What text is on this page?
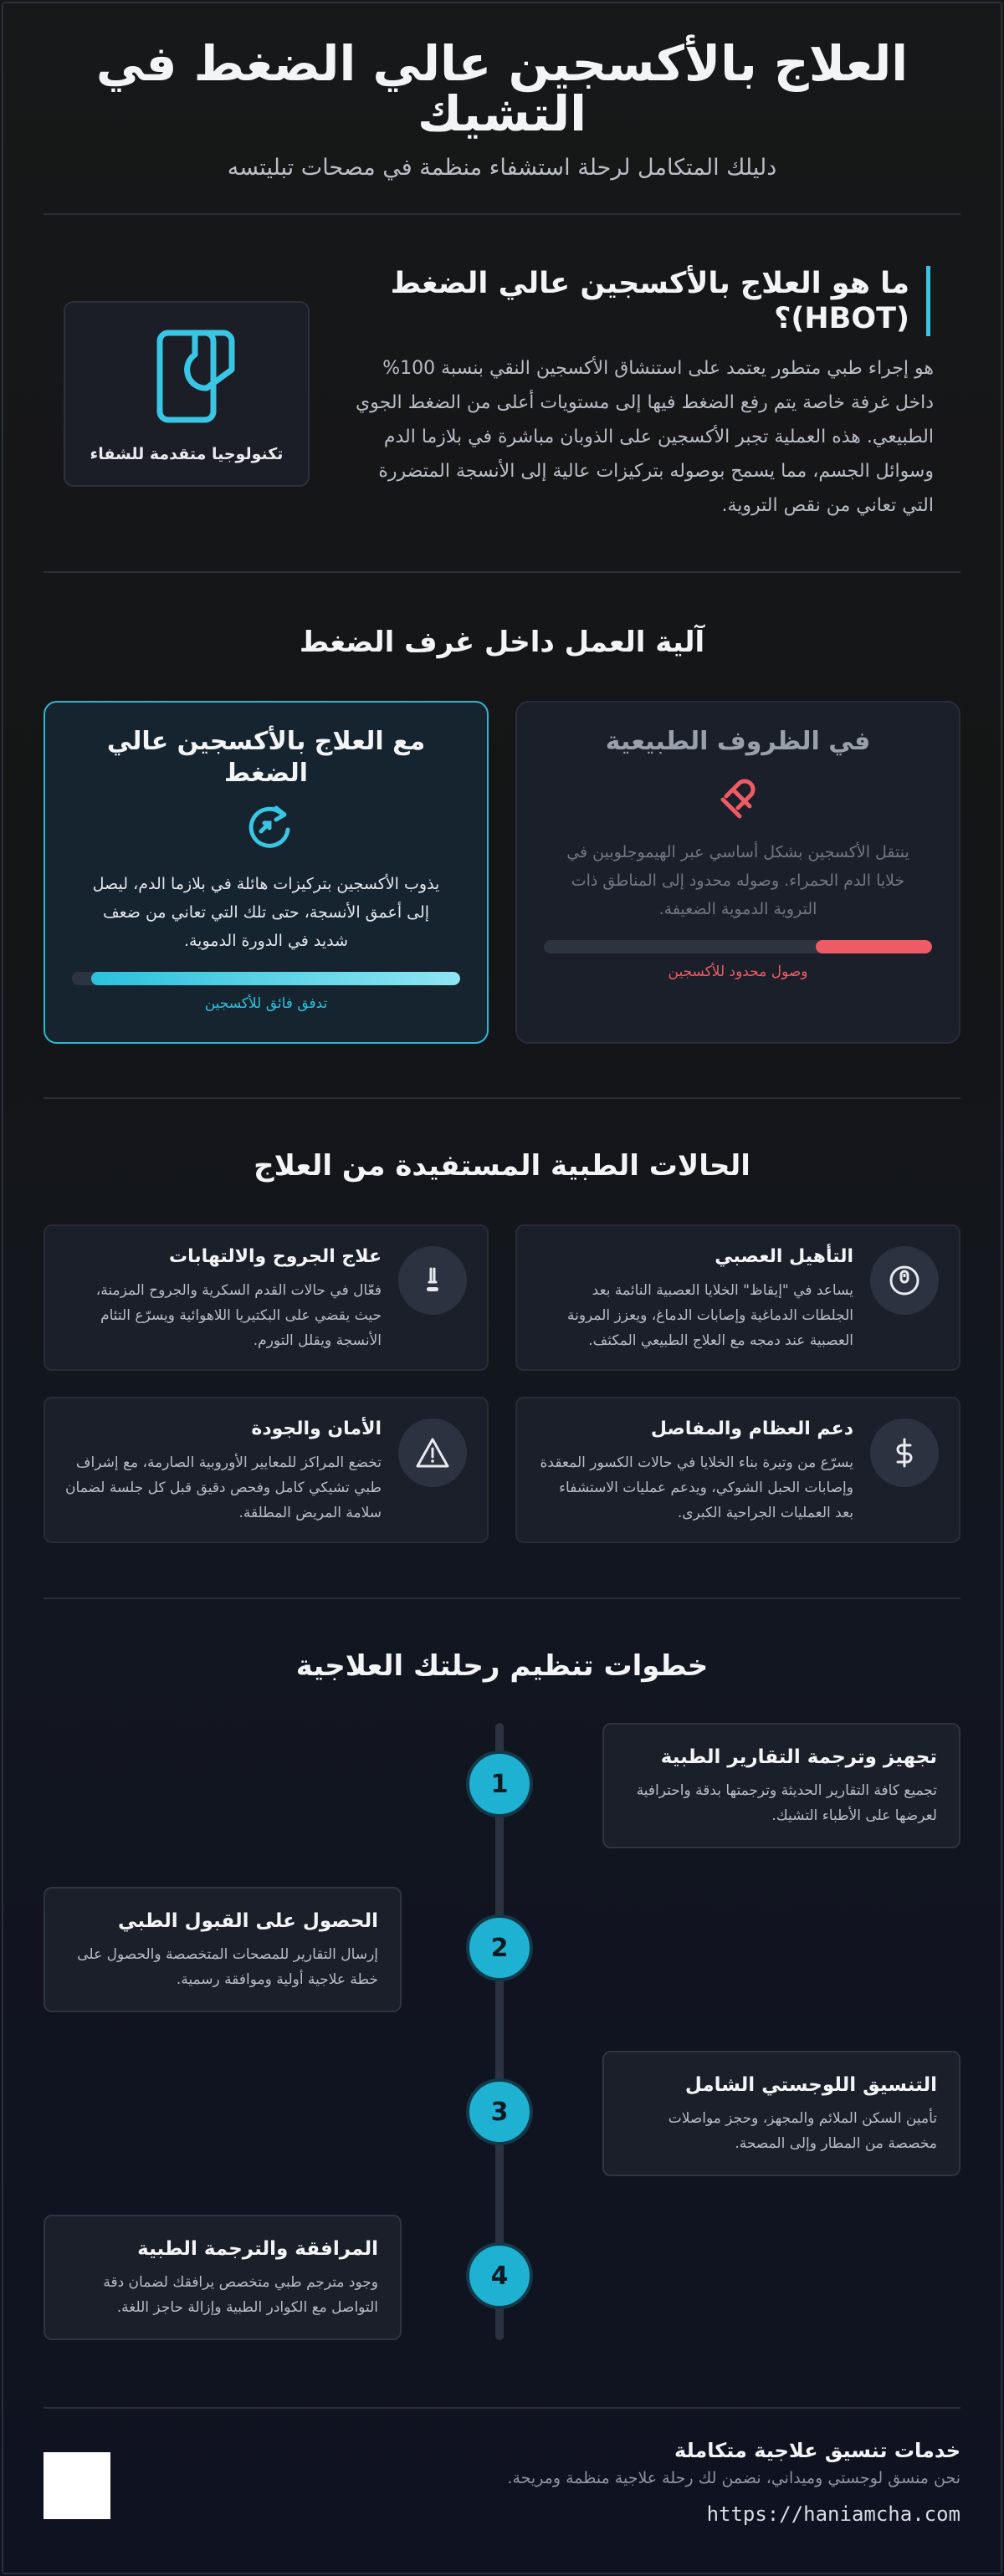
العلاج بالأكسجين عالي الضغط في التشيك
دليلك المتكامل لرحلة استشفاء منظمة في مصحات تبليتسه
ما هو العلاج بالأكسجين عالي الضغط (HBOT)؟

هو إجراء طبي متطور يعتمد على استنشاق الأكسجين النقي بنسبة 100% داخل غرفة خاصة يتم رفع الضغط فيها إلى مستويات أعلى من الضغط الجوي الطبيعي. هذه العملية تجبر الأكسجين على الذوبان مباشرة في بلازما الدم وسوائل الجسم، مما يسمح بوصوله بتركيزات عالية إلى الأنسجة المتضررة التي تعاني من نقص التروية.

تكنولوجيا متقدمة للشفاء
آلية العمل داخل غرف الضغط
في الظروف الطبيعية

ينتقل الأكسجين بشكل أساسي عبر الهيموجلوبين في خلايا الدم الحمراء. وصوله محدود إلى المناطق ذات التروية الدموية الضعيفة.

وصول محدود للأكسجين
مع العلاج بالأكسجين عالي الضغط

يذوب الأكسجين بتركيزات هائلة في بلازما الدم، ليصل إلى أعمق الأنسجة، حتى تلك التي تعاني من ضعف شديد في الدورة الدموية.

تدفق فائق للأكسجين
الحالات الطبية المستفيدة من العلاج
التأهيل العصبي

يساعد في "إيقاظ" الخلايا العصبية النائمة بعد الجلطات الدماغية وإصابات الدماغ، ويعزز المرونة العصبية عند دمجه مع العلاج الطبيعي المكثف.

علاج الجروح والالتهابات

فعّال في حالات القدم السكرية والجروح المزمنة، حيث يقضي على البكتيريا اللاهوائية ويسرّع التئام الأنسجة ويقلل التورم.

دعم العظام والمفاصل

يسرّع من وتيرة بناء الخلايا في حالات الكسور المعقدة وإصابات الحبل الشوكي، ويدعم عمليات الاستشفاء بعد العمليات الجراحية الكبرى.

الأمان والجودة

تخضع المراكز للمعايير الأوروبية الصارمة، مع إشراف طبي تشيكي كامل وفحص دقيق قبل كل جلسة لضمان سلامة المريض المطلقة.

خطوات تنظيم رحلتك العلاجية
تجهيز وترجمة التقارير الطبية

تجميع كافة التقارير الحديثة وترجمتها بدقة واحترافية لعرضها على الأطباء التشيك.

1
الحصول على القبول الطبي

إرسال التقارير للمصحات المتخصصة والحصول على خطة علاجية أولية وموافقة رسمية.

2
التنسيق اللوجستي الشامل

تأمين السكن الملائم والمجهز، وحجز مواصلات مخصصة من المطار وإلى المصحة.

3
المرافقة والترجمة الطبية

وجود مترجم طبي متخصص يرافقك لضمان دقة التواصل مع الكوادر الطبية وإزالة حاجز اللغة.

4
خدمات تنسيق علاجية متكاملة
نحن منسق لوجستي وميداني، نضمن لك رحلة علاجية منظمة ومريحة.
https://haniamcha.com
